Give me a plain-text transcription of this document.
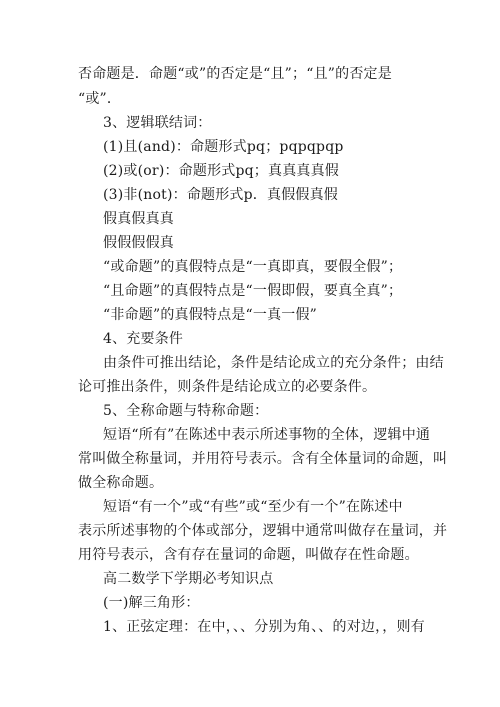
否命题是．命题“或”的否定是“且”；“且”的否定是
“或”．
3、逻辑联结词：
(1)且(and)：命题形式pq；pqpqpqp
(2)或(or)：命题形式pq；真真真真假
(3)非(not)：命题形式p．真假假真假
假真假真真
假假假假真
“或命题”的真假特点是“一真即真，要假全假”；
“且命题”的真假特点是“一假即假，要真全真”；
“非命题”的真假特点是“一真一假”
4、充要条件
由条件可推出结论，条件是结论成立的充分条件；由结
论可推出条件，则条件是结论成立的必要条件。
5、全称命题与特称命题：
短语“所有”在陈述中表示所述事物的全体，逻辑中通
常叫做全称量词，并用符号表示。含有全体量词的命题，叫
做全称命题。
短语“有一个”或“有些”或“至少有一个”在陈述中
表示所述事物的个体或部分，逻辑中通常叫做存在量词，并
用符号表示，含有存在量词的命题，叫做存在性命题。
高二数学下学期必考知识点
(一)解三角形：
1、正弦定理：在中，、、分别为角、、的对边，，则有
